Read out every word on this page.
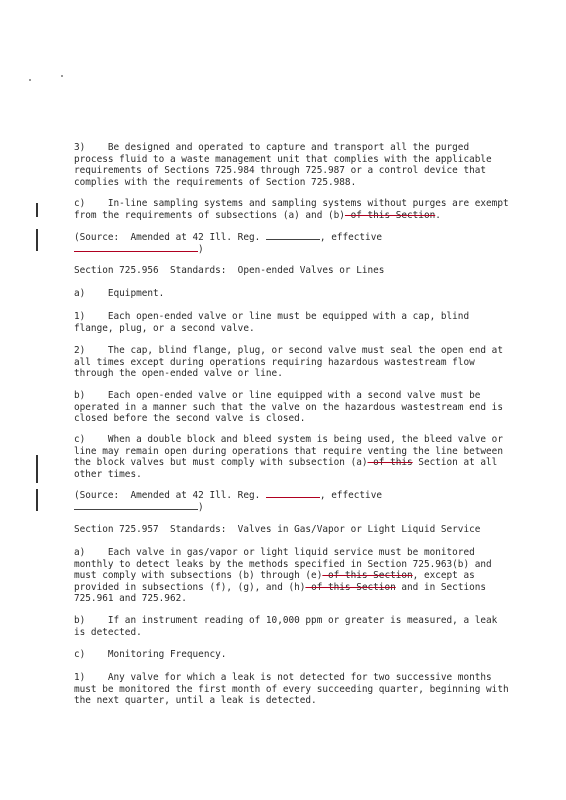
3)    Be designed and operated to capture and transport all the purged process fluid to a waste management unit that complies with the applicable requirements of Sections 725.984 through 725.987 or a control device that complies with the requirements of Section 725.988.

c)    In-line sampling systems and sampling systems without purges are exempt from the requirements of subsections (a) and (b) of this Section.

(Source:  Amended at 42 Ill. Reg.	, effective
)

Section 725.956  Standards:  Open-ended Valves or Lines

a)    Equipment.

1)    Each open-ended valve or line must be equipped with a cap, blind flange, plug, or a second valve.

2)    The cap, blind flange, plug, or second valve must seal the open end at all times except during operations requiring hazardous wastestream flow through the open-ended valve or line.

b)    Each open-ended valve or line equipped with a second valve must be operated in a manner such that the valve on the hazardous wastestream end is closed before the second valve is closed.

c)    When a double block and bleed system is being used, the bleed valve or line may remain open during operations that require venting the line between the block valves but must comply with subsection (a) of this Section at all other times.

(Source:  Amended at 42 Ill. Reg.	, effective
)

Section 725.957  Standards:  Valves in Gas/Vapor or Light Liquid Service

a)    Each valve in gas/vapor or light liquid service must be monitored monthly to detect leaks by the methods specified in Section 725.963(b) and must comply with subsections (b) through (e) of this Section, except as provided in subsections (f), (g), and (h) of this Section and in Sections 725.961 and 725.962.

b)    If an instrument reading of 10,000 ppm or greater is measured, a leak is detected.

c)    Monitoring Frequency.

1)    Any valve for which a leak is not detected for two successive months must be monitored the first month of every succeeding quarter, beginning with the next quarter, until a leak is detected.
